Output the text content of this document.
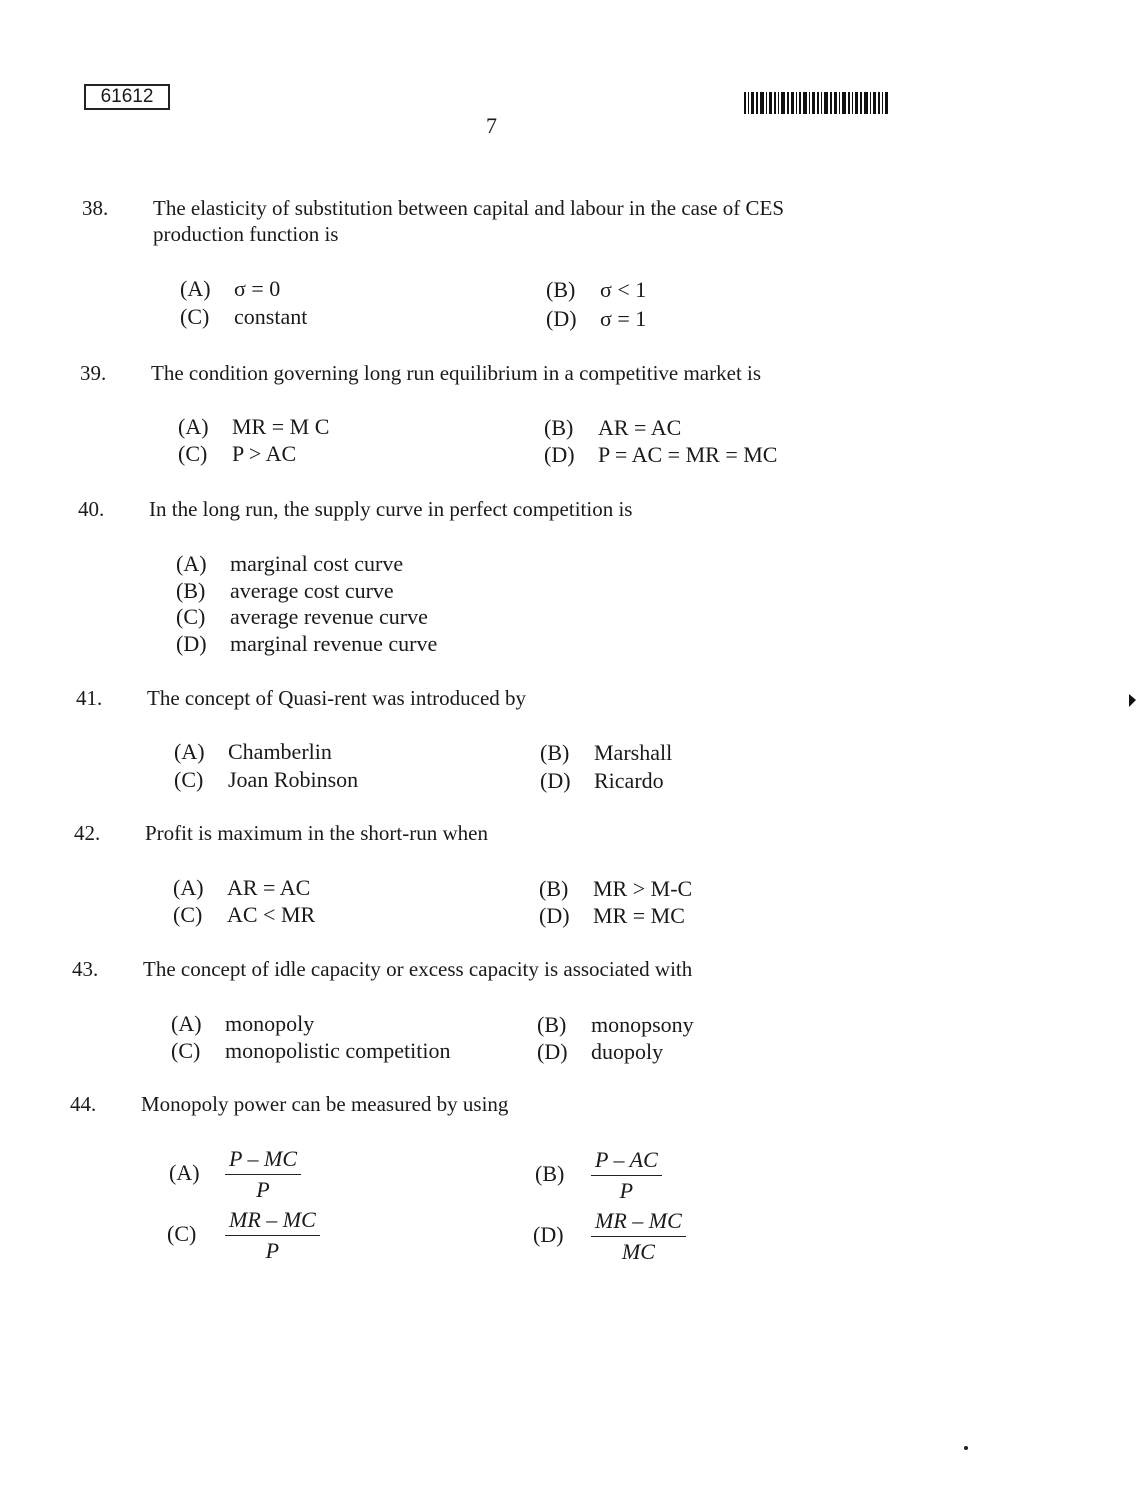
61612
7
38. The elasticity of substitution between capital and labour in the case of CES
production function is
(A) σ = 0	(B) σ < 1
(C) constant	(D) σ = 1
39. The condition governing long run equilibrium in a competitive market is
(A) MR = M C	(B) AR = AC
(C) P > AC	(D) P = AC = MR = MC
40. In the long run, the supply curve in perfect competition is
(A) marginal cost curve
(B) average cost curve
(C) average revenue curve
(D) marginal revenue curve
41. The concept of Quasi-rent was introduced by
(A) Chamberlin	(B) Marshall
(C) Joan Robinson	(D) Ricardo
42. Profit is maximum in the short-run when
(A) AR = AC	(B) MR > M-C
(C) AC < MR	(D) MR = MC
43. The concept of idle capacity or excess capacity is associated with
(A) monopoly	(B) monopsony
(C) monopolistic competition	(D) duopoly
44. Monopoly power can be measured by using
$(A) \frac{P - MC}{P}$	$(B) \frac{P - AC}{P}$
$(C) \frac{MR - MC}{P}$	$(D) \frac{MR - MC}{MC}$
